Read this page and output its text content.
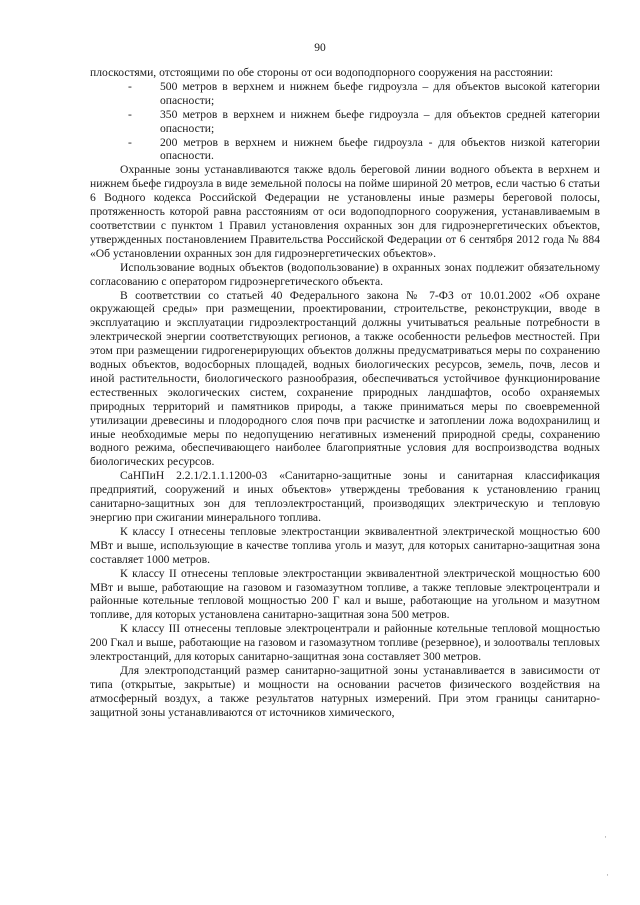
90

плоскостями, отстоящими по обе стороны от оси водоподпорного сооружения на расстоянии:

- 500 метров в верхнем и нижнем бьефе гидроузла – для объектов высокой категории опасности;

- 350 метров в верхнем и нижнем бьефе гидроузла – для объектов средней категории опасности;

- 200 метров в верхнем и нижнем бьефе гидроузла - для объектов низкой категории опасности.

Охранные зоны устанавливаются также вдоль береговой линии водного объекта в верхнем и нижнем бьефе гидроузла в виде земельной полосы на пойме шириной 20 метров, если частью 6 статьи 6 Водного кодекса Российской Федерации не установлены иные размеры береговой полосы, протяженность которой равна расстояниям от оси водоподпорного сооружения, устанавливаемым в соответствии с пунктом 1 Правил установления охранных зон для гидроэнергетических объектов, утвержденных постановлением Правительства Российской Федерации от 6 сентября 2012 года № 884 «Об установлении охранных зон для гидроэнергетических объектов».

Использование водных объектов (водопользование) в охранных зонах подлежит обязательному согласованию с оператором гидроэнергетического объекта.

В соответствии со статьей 40 Федерального закона № 7-ФЗ от 10.01.2002 «Об охране окружающей среды» при размещении, проектировании, строительстве, реконструкции, вводе в эксплуатацию и эксплуатации гидроэлектростанций должны учитываться реальные потребности в электрической энергии соответствующих регионов, а также особенности рельефов местностей. При этом при размещении гидрогенерирующих объектов должны предусматриваться меры по сохранению водных объектов, водосборных площадей, водных биологических ресурсов, земель, почв, лесов и иной растительности, биологического разнообразия, обеспечиваться устойчивое функционирование естественных экологических систем, сохранение природных ландшафтов, особо охраняемых природных территорий и памятников природы, а также приниматься меры по своевременной утилизации древесины и плодородного слоя почв при расчистке и затоплении ложа водохранилищ и иные необходимые меры по недопущению негативных изменений природной среды, сохранению водного режима, обеспечивающего наиболее благоприятные условия для воспроизводства водных биологических ресурсов.

СаНПиН 2.2.1/2.1.1.1200-03 «Санитарно-защитные зоны и санитарная классификация предприятий, сооружений и иных объектов» утверждены требования к установлению границ санитарно-защитных зон для теплоэлектростанций, производящих электрическую и тепловую энергию при сжигании минерального топлива.

К классу I отнесены тепловые электростанции эквивалентной электрической мощностью 600 МВт и выше, использующие в качестве топлива уголь и мазут, для которых санитарно-защитная зона составляет 1000 метров.

К классу II отнесены тепловые электростанции эквивалентной электрической мощностью 600 МВт и выше, работающие на газовом и газомазутном топливе, а также тепловые электроцентрали и районные котельные тепловой мощностью 200 Г кал и выше, работающие на угольном и мазутном топливе, для которых установлена санитарно-защитная зона 500 метров.

К классу III отнесены тепловые электроцентрали и районные котельные тепловой мощностью 200 Гкал и выше, работающие на газовом и газомазутном топливе (резервное), и золоотвалы тепловых электростанций, для которых санитарно-защитная зона составляет 300 метров.

Для электроподстанций размер санитарно-защитной зоны устанавливается в зависимости от типа (открытые, закрытые) и мощности на основании расчетов физического воздействия на атмосферный воздух, а также результатов натурных измерений. При этом границы санитарно-защитной зоны устанавливаются от источников химического,

·
·
